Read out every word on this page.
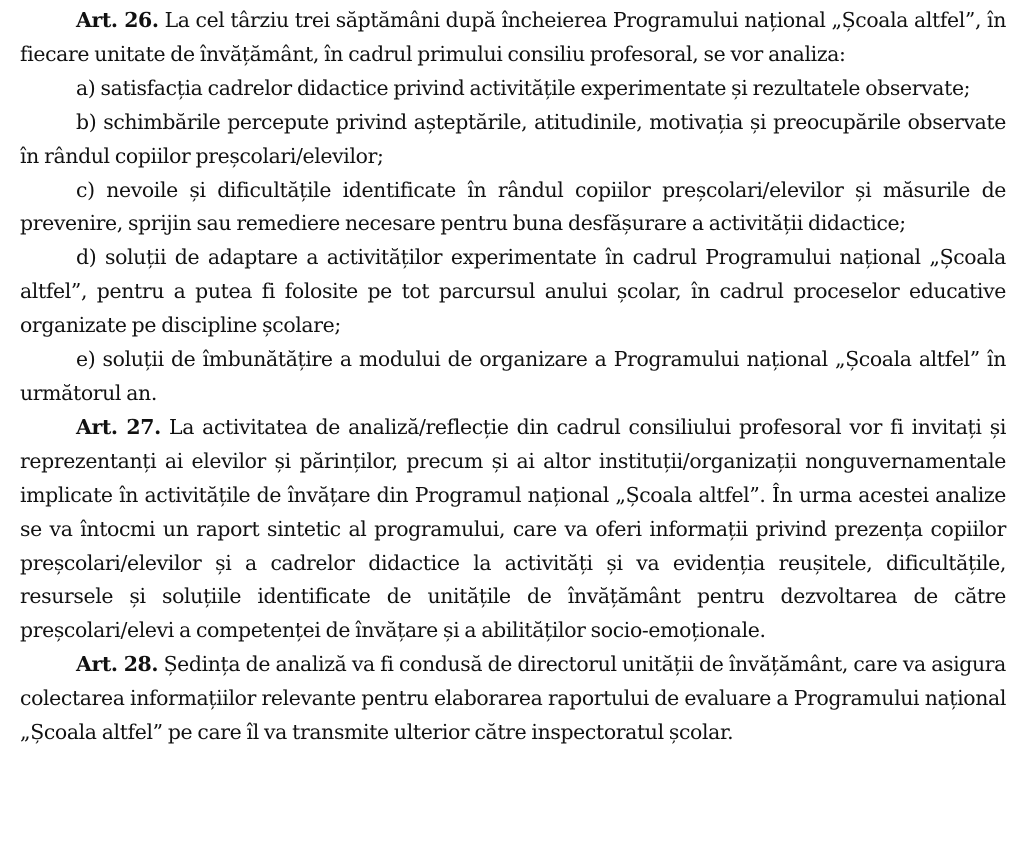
Art. 26. La cel târziu trei săptămâni după încheierea Programului național „Școala altfel”, în fiecare unitate de învățământ, în cadrul primului consiliu profesoral, se vor analiza:

a) satisfacția cadrelor didactice privind activitățile experimentate și rezultatele observate;

b) schimbările percepute privind așteptările, atitudinile, motivația și preocupările observate în rândul copiilor preșcolari/elevilor;

c) nevoile și dificultățile identificate în rândul copiilor preșcolari/elevilor și măsurile de prevenire, sprijin sau remediere necesare pentru buna desfășurare a activității didactice;

d) soluții de adaptare a activităților experimentate în cadrul Programului național „Școala altfel”, pentru a putea fi folosite pe tot parcursul anului școlar, în cadrul proceselor educative organizate pe discipline școlare;

e) soluții de îmbunătățire a modului de organizare a Programului național „Școala altfel” în următorul an.

Art. 27. La activitatea de analiză/reflecție din cadrul consiliului profesoral vor fi invitați și reprezentanți ai elevilor și părinților, precum și ai altor instituții/organizații nonguvernamentale implicate în activitățile de învățare din Programul național „Școala altfel”. În urma acestei analize se va întocmi un raport sintetic al programului, care va oferi informații privind prezența copiilor preșcolari/elevilor și a cadrelor didactice la activități și va evidenția reușitele, dificultățile, resursele și soluțiile identificate de unitățile de învățământ pentru dezvoltarea de către preșcolari/elevi a competenței de învățare și a abilităților socio-emoționale.

Art. 28. Ședința de analiză va fi condusă de directorul unității de învățământ, care va asigura colectarea informațiilor relevante pentru elaborarea raportului de evaluare a Programului național „Școala altfel” pe care îl va transmite ulterior către inspectoratul școlar.
